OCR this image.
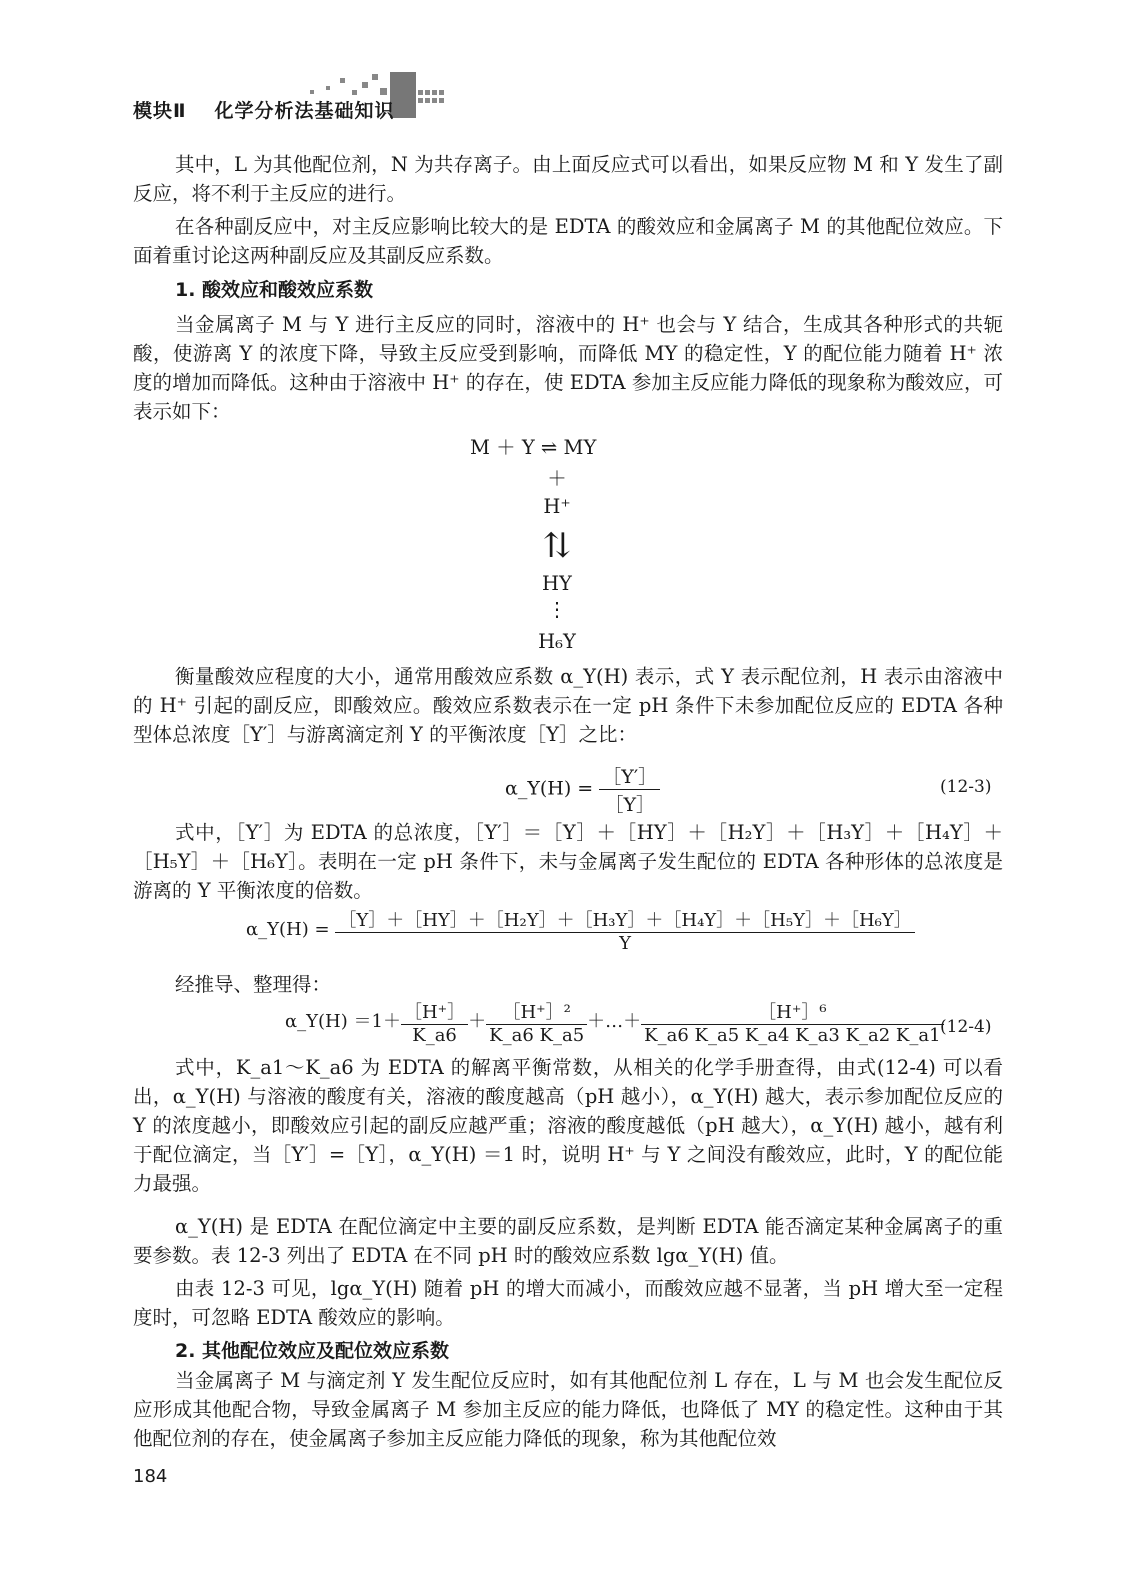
模块Ⅱ 化学分析法基础知识
其中，L 为其他配位剂，N 为共存离子。由上面反应式可以看出，如果反应物 M 和 Y 发生了副反应，将不利于主反应的进行。
在各种副反应中，对主反应影响比较大的是 EDTA 的酸效应和金属离子 M 的其他配位效应。下面着重讨论这两种副反应及其副反应系数。
1. 酸效应和酸效应系数
当金属离子 M 与 Y 进行主反应的同时，溶液中的 H⁺ 也会与 Y 结合，生成其各种形式的共轭酸，使游离 Y 的浓度下降，导致主反应受到影响，而降低 MY 的稳定性，Y 的配位能力随着 H⁺ 浓度的增加而降低。这种由于溶液中 H⁺ 的存在，使 EDTA 参加主反应能力降低的现象称为酸效应，可表示如下：
M ＋ Y ⇌ MY
＋
H⁺
⇅
HY
⋮
H₆Y
衡量酸效应程度的大小，通常用酸效应系数 α_Y(H) 表示，式 Y 表示配位剂，H 表示由溶液中的 H⁺ 引起的副反应，即酸效应。酸效应系数表示在一定 pH 条件下未参加配位反应的 EDTA 各种型体总浓度［Y′］与游离滴定剂 Y 的平衡浓度［Y］之比：
α_Y(H) = $\frac{[Y']}{[Y]}$	(12-3)
式中，［Y′］为 EDTA 的总浓度，［Y′］＝［Y］＋［HY］＋［H₂Y］＋［H₃Y］＋［H₄Y］＋［H₅Y］＋［H₆Y］。表明在一定 pH 条件下，未与金属离子发生配位的 EDTA 各种形体的总浓度是游离的 Y 平衡浓度的倍数。
α_Y(H) = $\frac{\text{［Y］＋［HY］＋［H₂Y］＋［H₃Y］＋［H₄Y］＋［H₅Y］＋［H₆Y］}}{Y}$
经推导、整理得：
α_Y(H) $=1+ \frac{[H^+]}{K\_a6} + \frac{\text{［H⁺］²}}{K\_a6 K\_a5}$ ＋…＋ $\frac{\text{［H⁺］⁶}}{K\_a6 K\_a5 K\_a4 K\_a3 K\_a2 K\_a1}$
(12-4)
式中，K_a1～K_a6 为 EDTA 的解离平衡常数，从相关的化学手册查得，由式(12-4) 可以看出，α_Y(H) 与溶液的酸度有关，溶液的酸度越高（pH 越小），α_Y(H) 越大，表示参加配位反应的 Y 的浓度越小，即酸效应引起的副反应越严重；溶液的酸度越低（pH 越大），α_Y(H) 越小，越有利于配位滴定，当［Y′］=［Y］，α_Y(H) ＝1 时，说明 H⁺ 与 Y 之间没有酸效应，此时，Y 的配位能力最强。
α_Y(H) 是 EDTA 在配位滴定中主要的副反应系数，是判断 EDTA 能否滴定某种金属离子的重要参数。表 12-3 列出了 EDTA 在不同 pH 时的酸效应系数 lgα_Y(H) 值。
由表 12-3 可见，lgα_Y(H) 随着 pH 的增大而减小，而酸效应越不显著，当 pH 增大至一定程度时，可忽略 EDTA 酸效应的影响。
2. 其他配位效应及配位效应系数
当金属离子 M 与滴定剂 Y 发生配位反应时，如有其他配位剂 L 存在，L 与 M 也会发生配位反应形成其他配合物，导致金属离子 M 参加主反应的能力降低，也降低了 MY 的稳定性。这种由于其他配位剂的存在，使金属离子参加主反应能力降低的现象，称为其他配位效
184
